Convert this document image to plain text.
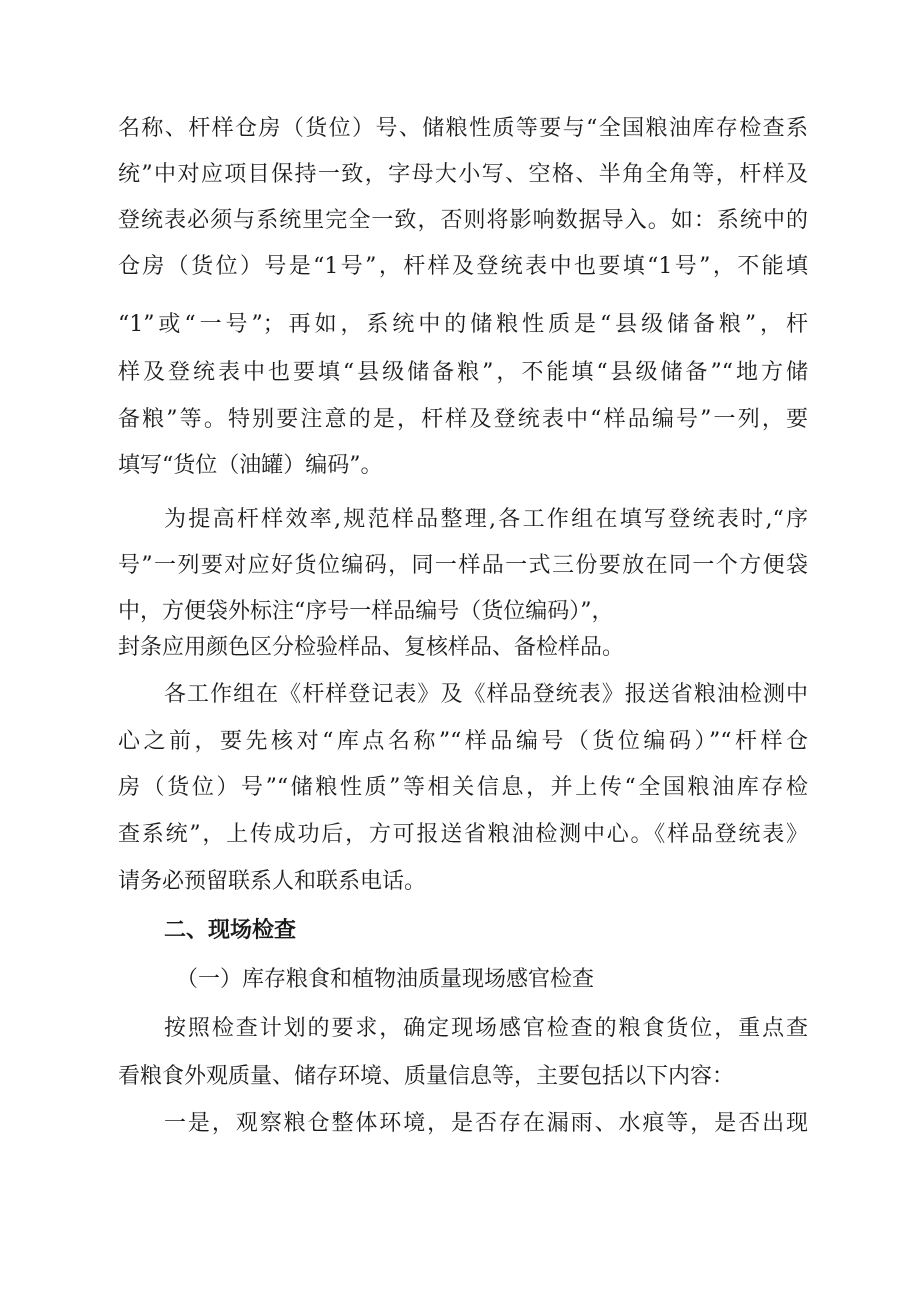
名称、杆样仓房（货位）号、储粮性质等要与“全国粮油库存检查系
统”中对应项目保持一致，字母大小写、空格、半角全角等，杆样及
登统表必须与系统里完全一致，否则将影响数据导入。如：系统中的
仓房（货位）号是“1号”，杆样及登统表中也要填“1号”，不能填
“1”或“一号”；再如，系统中的储粮性质是“县级储备粮”，杆
样及登统表中也要填“县级储备粮”，不能填“县级储备”“地方储
备粮”等。特别要注意的是，杆样及登统表中“样品编号”一列，要
填写“货位（油罐）编码”。
为提高杆样效率,规范样品整理,各工作组在填写登统表时,“序
号”一列要对应好货位编码，同一样品一式三份要放在同一个方便袋
中，方便袋外标注“序号一样品编号（货位编码）”，
封条应用颜色区分检验样品、复核样品、备检样品。
各工作组在《杆样登记表》及《样品登统表》报送省粮油检测中
心之前，要先核对“库点名称”“样品编号（货位编码）”“杆样仓
房（货位）号”“储粮性质”等相关信息，并上传“全国粮油库存检
查系统”，上传成功后，方可报送省粮油检测中心。《样品登统表》
请务必预留联系人和联系电话。
二、现场检查
（一）库存粮食和植物油质量现场感官检查
按照检查计划的要求，确定现场感官检查的粮食货位，重点查
看粮食外观质量、储存环境、质量信息等，主要包括以下内容：
一是，观察粮仓整体环境，是否存在漏雨、水痕等，是否出现
